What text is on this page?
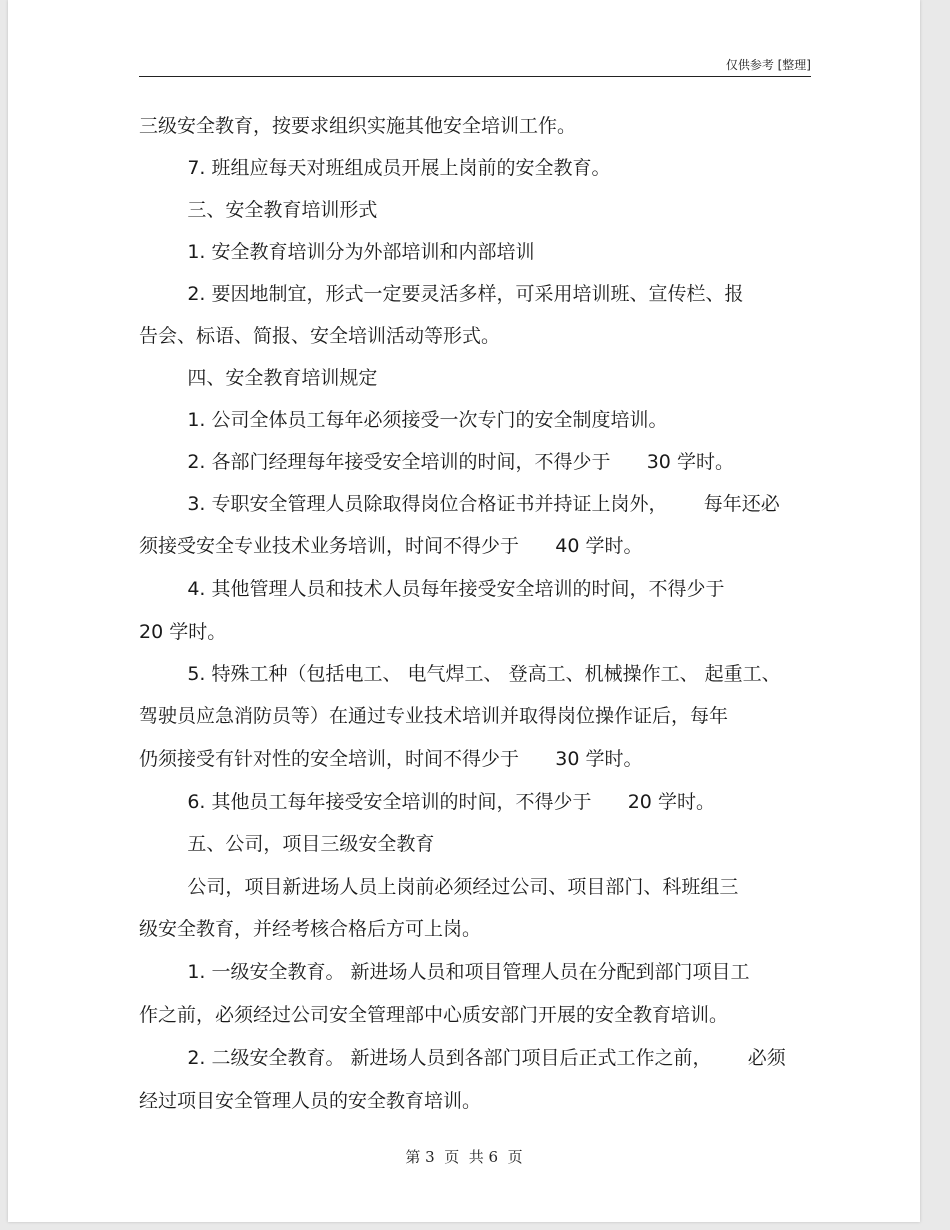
仅供参考 [整理]
三级安全教育，按要求组织实施其他安全培训工作。
7. 班组应每天对班组成员开展上岗前的安全教育。
三、安全教育培训形式
1. 安全教育培训分为外部培训和内部培训
2. 要因地制宜，形式一定要灵活多样，可采用培训班、宣传栏、报
告会、标语、简报、安全培训活动等形式。
四、安全教育培训规定
1. 公司全体员工每年必须接受一次专门的安全制度培训。
2. 各部门经理每年接受安全培训的时间，不得少于      30 学时。
3. 专职安全管理人员除取得岗位合格证书并持证上岗外，      每年还必
须接受安全专业技术业务培训，时间不得少于      40 学时。
4. 其他管理人员和技术人员每年接受安全培训的时间，不得少于
20 学时。
5. 特殊工种（包括电工、 电气焊工、 登高工、机械操作工、 起重工、
驾驶员应急消防员等）在通过专业技术培训并取得岗位操作证后，每年
仍须接受有针对性的安全培训，时间不得少于      30 学时。
6. 其他员工每年接受安全培训的时间，不得少于      20 学时。
五、公司，项目三级安全教育
公司，项目新进场人员上岗前必须经过公司、项目部门、科班组三
级安全教育，并经考核合格后方可上岗。
1. 一级安全教育。 新进场人员和项目管理人员在分配到部门项目工
作之前，必须经过公司安全管理部中心质安部门开展的安全教育培训。
2. 二级安全教育。 新进场人员到各部门项目后正式工作之前，      必须
经过项目安全管理人员的安全教育培训。
第 3  页  共 6  页
